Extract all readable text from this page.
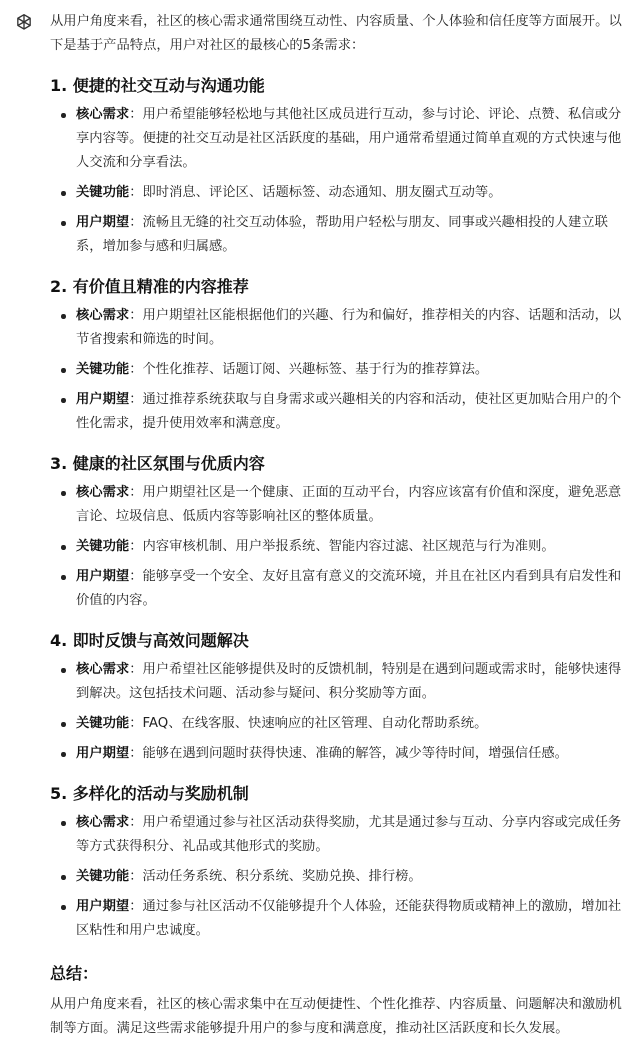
从用户角度来看，社区的核心需求通常围绕互动性、内容质量、个人体验和信任度等方面展开。以下是基于产品特点，用户对社区的最核心的5条需求：

1. 便捷的社交互动与沟通功能

核心需求：用户希望能够轻松地与其他社区成员进行互动，参与讨论、评论、点赞、私信或分享内容等。便捷的社交互动是社区活跃度的基础，用户通常希望通过简单直观的方式快速与他人交流和分享看法。
关键功能：即时消息、评论区、话题标签、动态通知、朋友圈式互动等。
用户期望：流畅且无缝的社交互动体验，帮助用户轻松与朋友、同事或兴趣相投的人建立联系，增加参与感和归属感。

2. 有价值且精准的内容推荐

核心需求：用户期望社区能根据他们的兴趣、行为和偏好，推荐相关的内容、话题和活动，以节省搜索和筛选的时间。
关键功能：个性化推荐、话题订阅、兴趣标签、基于行为的推荐算法。
用户期望：通过推荐系统获取与自身需求或兴趣相关的内容和活动，使社区更加贴合用户的个性化需求，提升使用效率和满意度。

3. 健康的社区氛围与优质内容

核心需求：用户期望社区是一个健康、正面的互动平台，内容应该富有价值和深度，避免恶意言论、垃圾信息、低质内容等影响社区的整体质量。
关键功能：内容审核机制、用户举报系统、智能内容过滤、社区规范与行为准则。
用户期望：能够享受一个安全、友好且富有意义的交流环境，并且在社区内看到具有启发性和价值的内容。

4. 即时反馈与高效问题解决

核心需求：用户希望社区能够提供及时的反馈机制，特别是在遇到问题或需求时，能够快速得到解决。这包括技术问题、活动参与疑问、积分奖励等方面。
关键功能：FAQ、在线客服、快速响应的社区管理、自动化帮助系统。
用户期望：能够在遇到问题时获得快速、准确的解答，减少等待时间，增强信任感。

5. 多样化的活动与奖励机制

核心需求：用户希望通过参与社区活动获得奖励，尤其是通过参与互动、分享内容或完成任务等方式获得积分、礼品或其他形式的奖励。
关键功能：活动任务系统、积分系统、奖励兑换、排行榜。
用户期望：通过参与社区活动不仅能够提升个人体验，还能获得物质或精神上的激励，增加社区粘性和用户忠诚度。

总结：

从用户角度来看，社区的核心需求集中在互动便捷性、个性化推荐、内容质量、问题解决和激励机制等方面。满足这些需求能够提升用户的参与度和满意度，推动社区活跃度和长久发展。
